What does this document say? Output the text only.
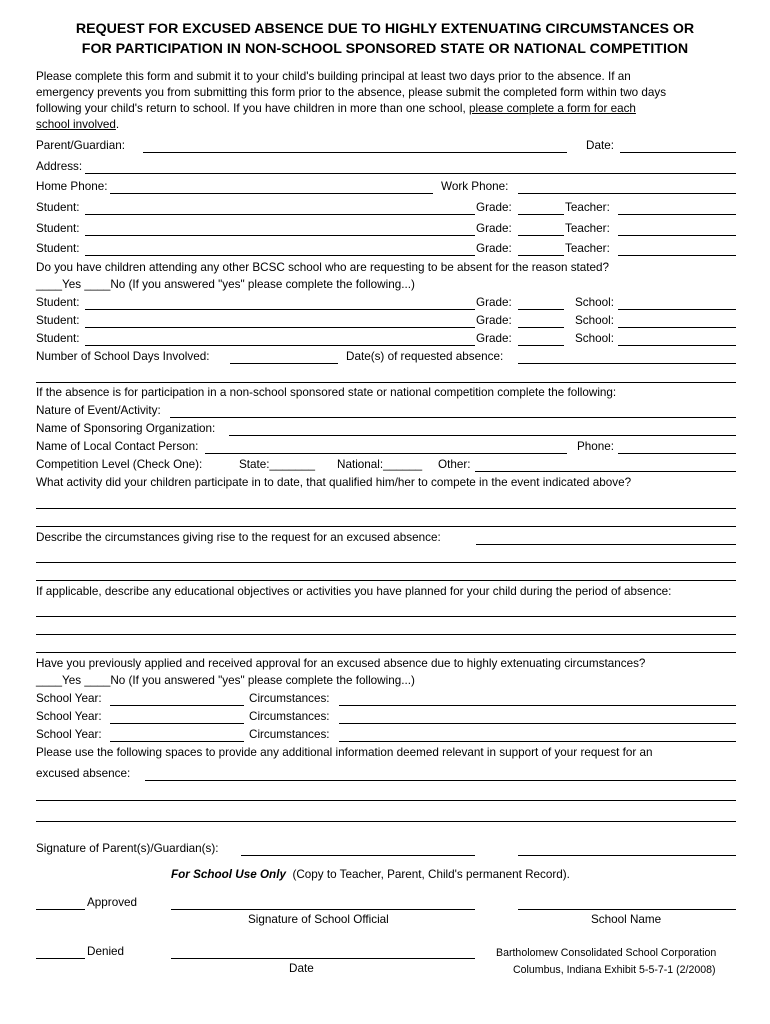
REQUEST FOR EXCUSED ABSENCE DUE TO HIGHLY EXTENUATING CIRCUMSTANCES OR
FOR PARTICIPATION IN NON-SCHOOL SPONSORED STATE OR NATIONAL COMPETITION
Please complete this form and submit it to your child's building principal at least two days prior to the absence. If an
emergency prevents you from submitting this form prior to the absence, please submit the completed form within two days
following your child's return to school. If you have children in more than one school, please complete a form for each
school involved.
Parent/Guardian:	Date:
Address:
Home Phone:	Work Phone:
Student:	Grade:	Teacher:
Student:	Grade:	Teacher:
Student:	Grade:	Teacher:
Do you have children attending any other BCSC school who are requesting to be absent for the reason stated?
____Yes ____No (If you answered "yes" please complete the following...)
Student:	Grade:	School:
Student:	Grade:	School:
Student:	Grade:	School:
Number of School Days Involved:	Date(s) of requested absence:
If the absence is for participation in a non-school sponsored state or national competition complete the following:
Nature of Event/Activity:
Name of Sponsoring Organization:
Name of Local Contact Person:	Phone:
Competition Level (Check One):	State:_______ National:______ Other:
What activity did your children participate in to date, that qualified him/her to compete in the event indicated above?
Describe the circumstances giving rise to the request for an excused absence:
If applicable, describe any educational objectives or activities you have planned for your child during the period of absence:
Have you previously applied and received approval for an excused absence due to highly extenuating circumstances?
____Yes ____No (If you answered "yes" please complete the following...)
School Year:	Circumstances:
School Year:	Circumstances:
School Year:	Circumstances:
Please use the following spaces to provide any additional information deemed relevant in support of your request for an
excused absence:
Signature of Parent(s)/Guardian(s):
For School Use Only (Copy to Teacher, Parent, Child's permanent Record).
Approved
Signature of School Official	School Name
Denied
Date
Bartholomew Consolidated School Corporation
Columbus, Indiana Exhibit 5-5-7-1 (2/2008)
